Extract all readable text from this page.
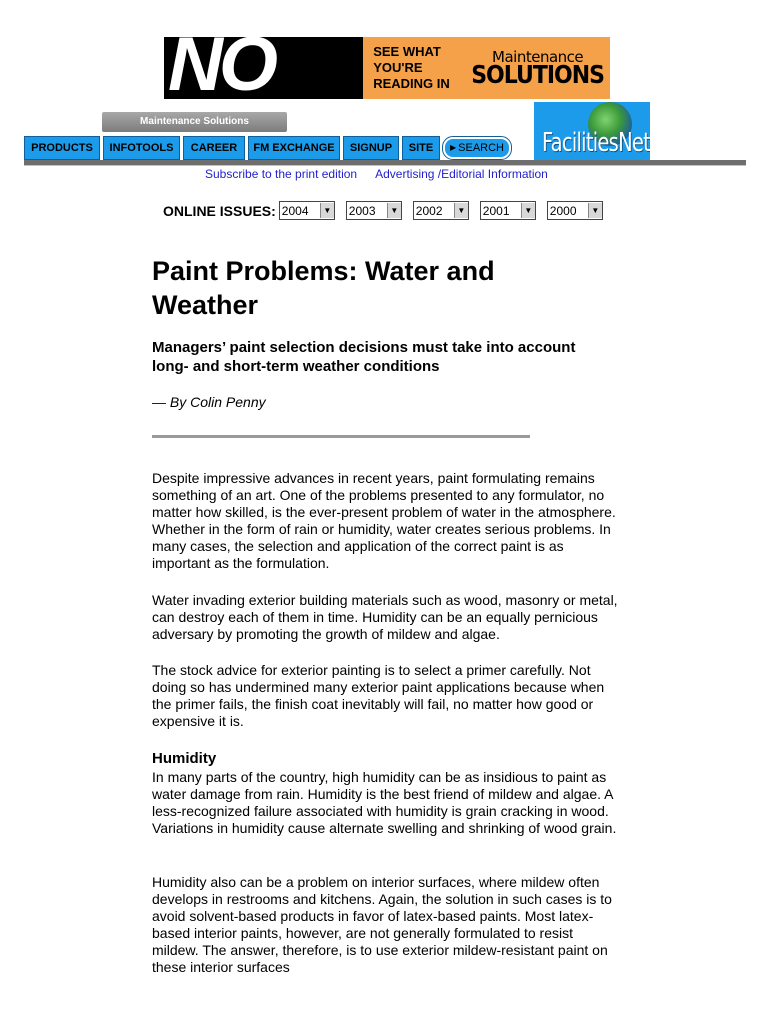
NO	SEE WHAT
YOU'RE
READING IN
Maintenance
SOLUTIONS
Maintenance Solutions
FacilitiesNet
PRODUCTS	INFOTOOLS	CAREER	FM EXCHANGE	SIGNUP	SITE	▶ SEARCH
Subscribe to the print edition Advertising /Editorial Information
ONLINE ISSUES: 2004	▼ 2003	▼ 2002	▼ 2001	▼ 2000	▼
Paint Problems: Water and Weather

Managers’ paint selection decisions must take into account long- and short-term weather conditions

— By Colin Penny

Despite impressive advances in recent years, paint formulating remains something of an art. One of the problems presented to any formulator, no matter how skilled, is the ever-present problem of water in the atmosphere. Whether in the form of rain or humidity, water creates serious problems. In many cases, the selection and application of the correct paint is as important as the formulation.

Water invading exterior building materials such as wood, masonry or metal, can destroy each of them in time. Humidity can be an equally pernicious adversary by promoting the growth of mildew and algae.

The stock advice for exterior painting is to select a primer carefully. Not doing so has undermined many exterior paint applications because when the primer fails, the finish coat inevitably will fail, no matter how good or expensive it is.

Humidity

In many parts of the country, high humidity can be as insidious to paint as water damage from rain. Humidity is the best friend of mildew and algae. A less-recognized failure associated with humidity is grain cracking in wood. Variations in humidity cause alternate swelling and shrinking of wood grain.

Humidity also can be a problem on interior surfaces, where mildew often develops in restrooms and kitchens. Again, the solution in such cases is to avoid solvent-based products in favor of latex-based paints. Most latex-based interior paints, however, are not generally formulated to resist mildew. The answer, therefore, is to use exterior mildew-resistant paint on these interior surfaces
